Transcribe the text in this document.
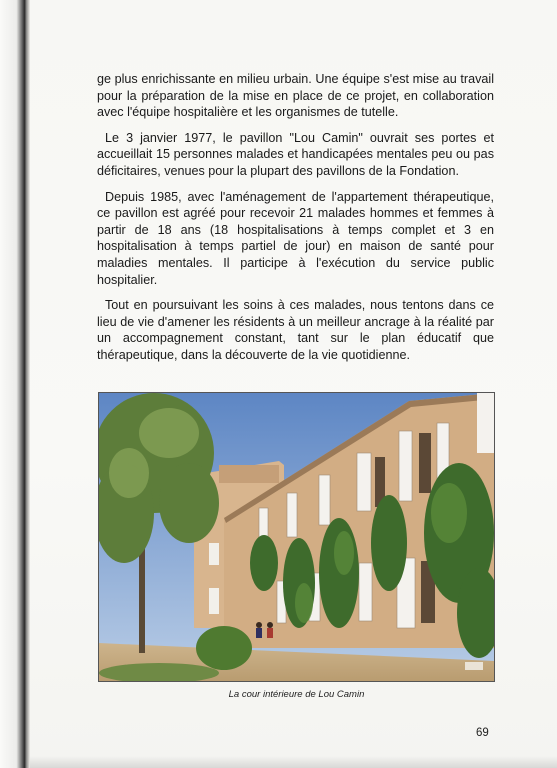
ge plus enrichissante en milieu urbain. Une équipe s'est mise au travail pour la préparation de la mise en place de ce projet, en collaboration avec l'équipe hospitalière et les organismes de tutelle.

Le 3 janvier 1977, le pavillon "Lou Camin" ouvrait ses portes et accueillait 15 personnes malades et handicapées mentales peu ou pas déficitaires, venues pour la plupart des pavillons de la Fondation.

Depuis 1985, avec l'aménagement de l'appartement thérapeutique, ce pavillon est agréé pour recevoir 21 malades hommes et femmes à partir de 18 ans (18 hospitalisations à temps complet et 3 en hospitalisation à temps partiel de jour) en maison de santé pour maladies mentales. Il participe à l'exécution du service public hospitalier.

Tout en poursuivant les soins à ces malades, nous tentons dans ce lieu de vie d'amener les résidents à un meilleur ancrage à la réalité par un accompagnement constant, tant sur le plan éducatif que thérapeutique, dans la découverte de la vie quotidienne.

La cour intérieure de Lou Camin
69
